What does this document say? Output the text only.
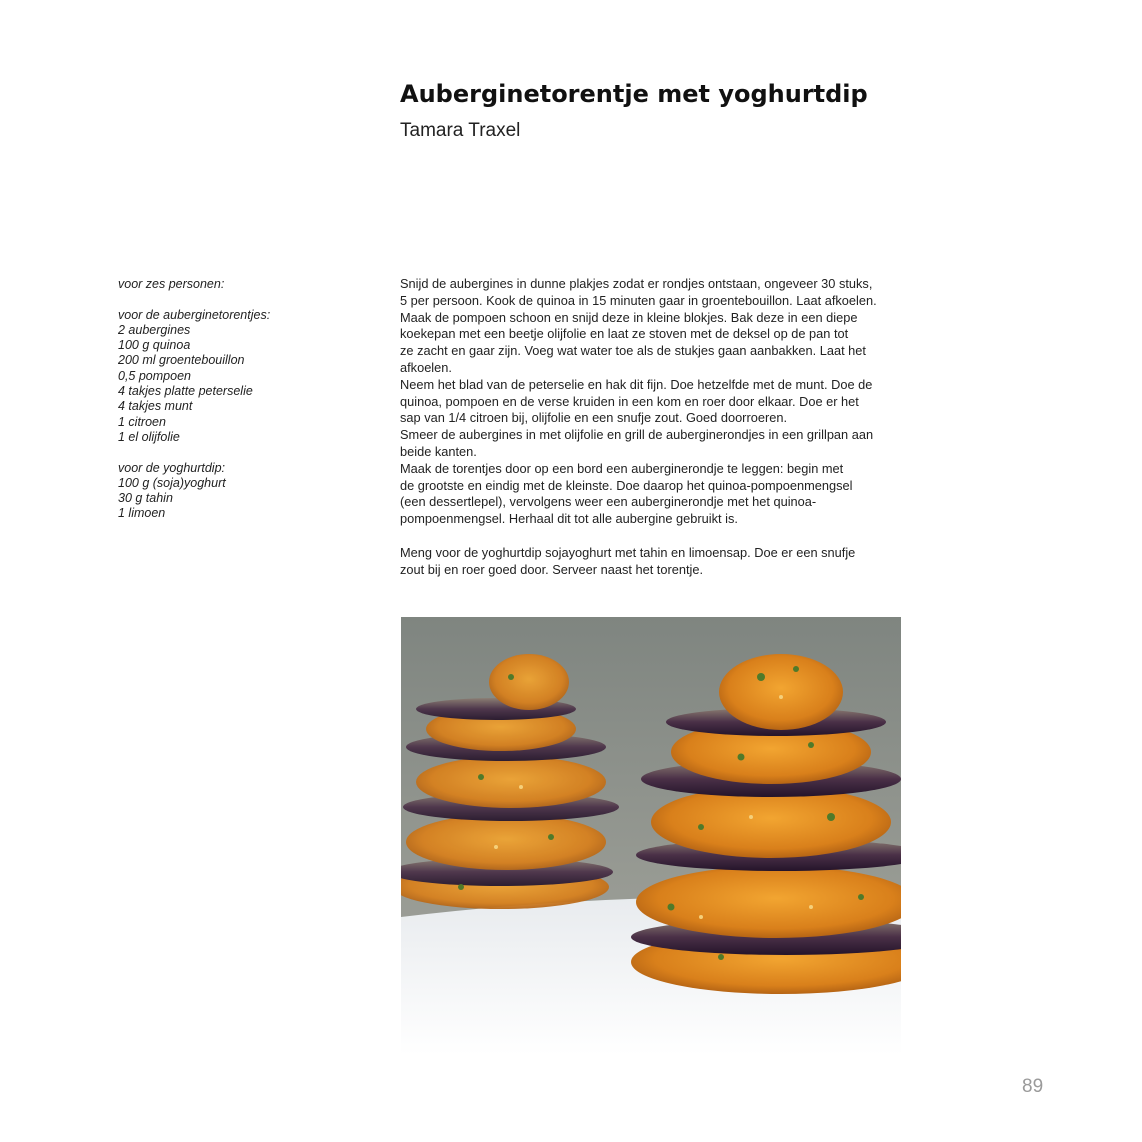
Auberginetorentje met yoghurtdip

Tamara Traxel

voor zes personen:
voor de auberginetorentjes:
2 aubergines
100 g quinoa
200 ml groentebouillon
0,5 pompoen
4 takjes platte peterselie
4 takjes munt
1 citroen
1 el olijfolie
voor de yoghurtdip:
100 g (soja)yoghurt
30 g tahin
1 limoen
Snijd de aubergines in dunne plakjes zodat er rondjes ontstaan, ongeveer 30 stuks,
5 per persoon. Kook de quinoa in 15 minuten gaar in groentebouillon. Laat afkoelen.
Maak de pompoen schoon en snijd deze in kleine blokjes. Bak deze in een diepe
koekepan met een beetje olijfolie en laat ze stoven met de deksel op de pan tot
ze zacht en gaar zijn. Voeg wat water toe als de stukjes gaan aanbakken. Laat het
afkoelen.
Neem het blad van de peterselie en hak dit fijn. Doe hetzelfde met de munt. Doe de
quinoa, pompoen en de verse kruiden in een kom en roer door elkaar. Doe er het
sap van 1/4 citroen bij, olijfolie en een snufje zout. Goed doorroeren.
Smeer de aubergines in met olijfolie en grill de auberginerondjes in een grillpan aan
beide kanten.
Maak de torentjes door op een bord een auberginerondje te leggen: begin met
de grootste en eindig met de kleinste. Doe daarop het quinoa-pompoenmengsel
(een dessertlepel), vervolgens weer een auberginerondje met het quinoa-
pompoenmengsel. Herhaal dit tot alle aubergine gebruikt is.
Meng voor de yoghurtdip sojayoghurt met tahin en limoensap. Doe er een snufje
zout bij en roer goed door. Serveer naast het torentje.
89
